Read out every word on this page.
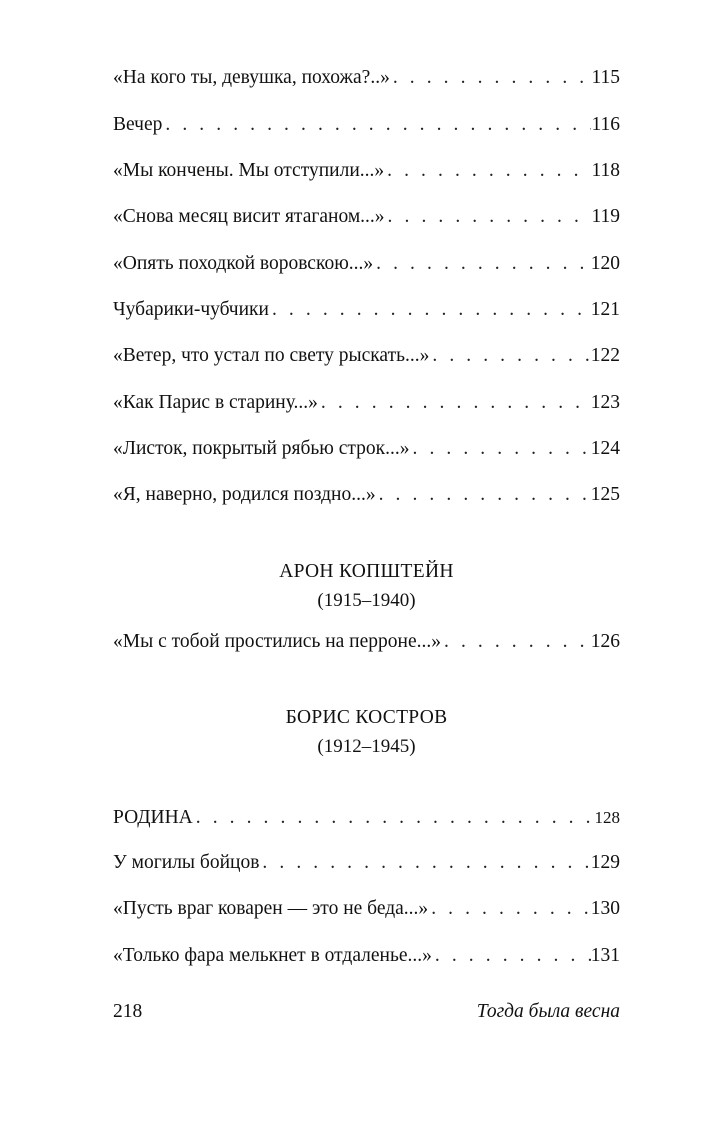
«На кого ты, девушка, похожа?..» . . .	115
Вечер . . .	116
«Мы кончены. Мы отступили...» . . .	118
«Снова месяц висит ятаганом...» . . .	119
«Опять походкой воровскою...» . . .	120
Чубарики-чубчики . . .	121
«Ветер, что устал по свету рыскать...» . . .	122
«Как Парис в старину...» . . .	123
«Листок, покрытый рябью строк...» . . .	124
«Я, наверно, родился поздно...» . . .	125
АРОН КОПШТЕЙН
(1915–1940)
«Мы с тобой простились на перроне...» . . .	126
БОРИС КОСТРОВ
(1912–1945)
РОДИНА . . .	128
У могилы бойцов . . .	129
«Пусть враг коварен — это не беда...» . . .	130
«Только фара мелькнет в отдаленье...» . . .	131
218	Тогда была весна
